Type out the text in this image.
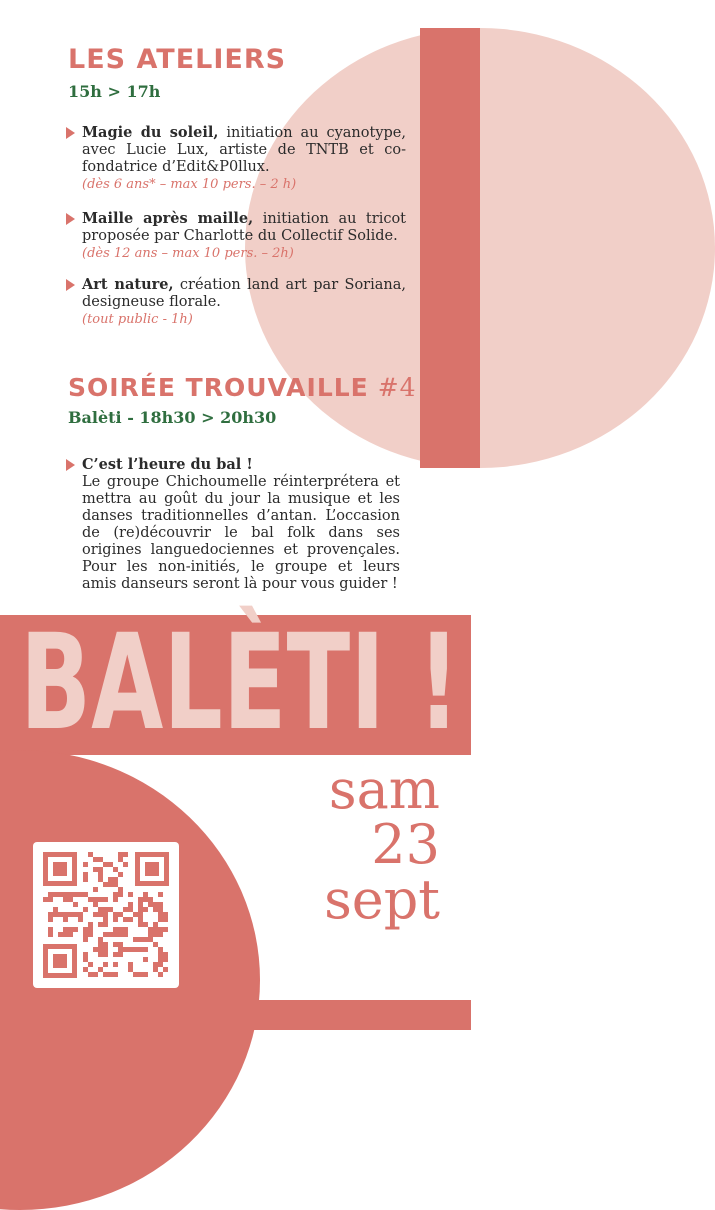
LES ATELIERS
15h > 17h
Magie du soleil, initiation au cyanotype, avec Lucie Lux, artiste de TNTB et co-fondatrice d’Edit&P0llux.
(dès 6 ans* – max 10 pers. – 2 h)
Maille après maille, initiation au tricot proposée par Charlotte du Collectif Solide.
(dès 12 ans – max 10 pers. – 2h)
Art nature, création land art par Soriana, designeuse florale.
(tout public - 1h)
SOIRÉE TROUVAILLE #4
Balèti - 18h30 > 20h30
C’est l’heure du bal !
Le groupe Chichoumelle réinterprétera et mettra au goût du jour la musique et les danses traditionnelles d’antan. L’occasion de (re)découvrir le bal folk dans ses origines languedociennes et provençales. Pour les non-initiés, le groupe et leurs amis danseurs seront là pour vous guider !
BALÈTI !
sam
23
sept
